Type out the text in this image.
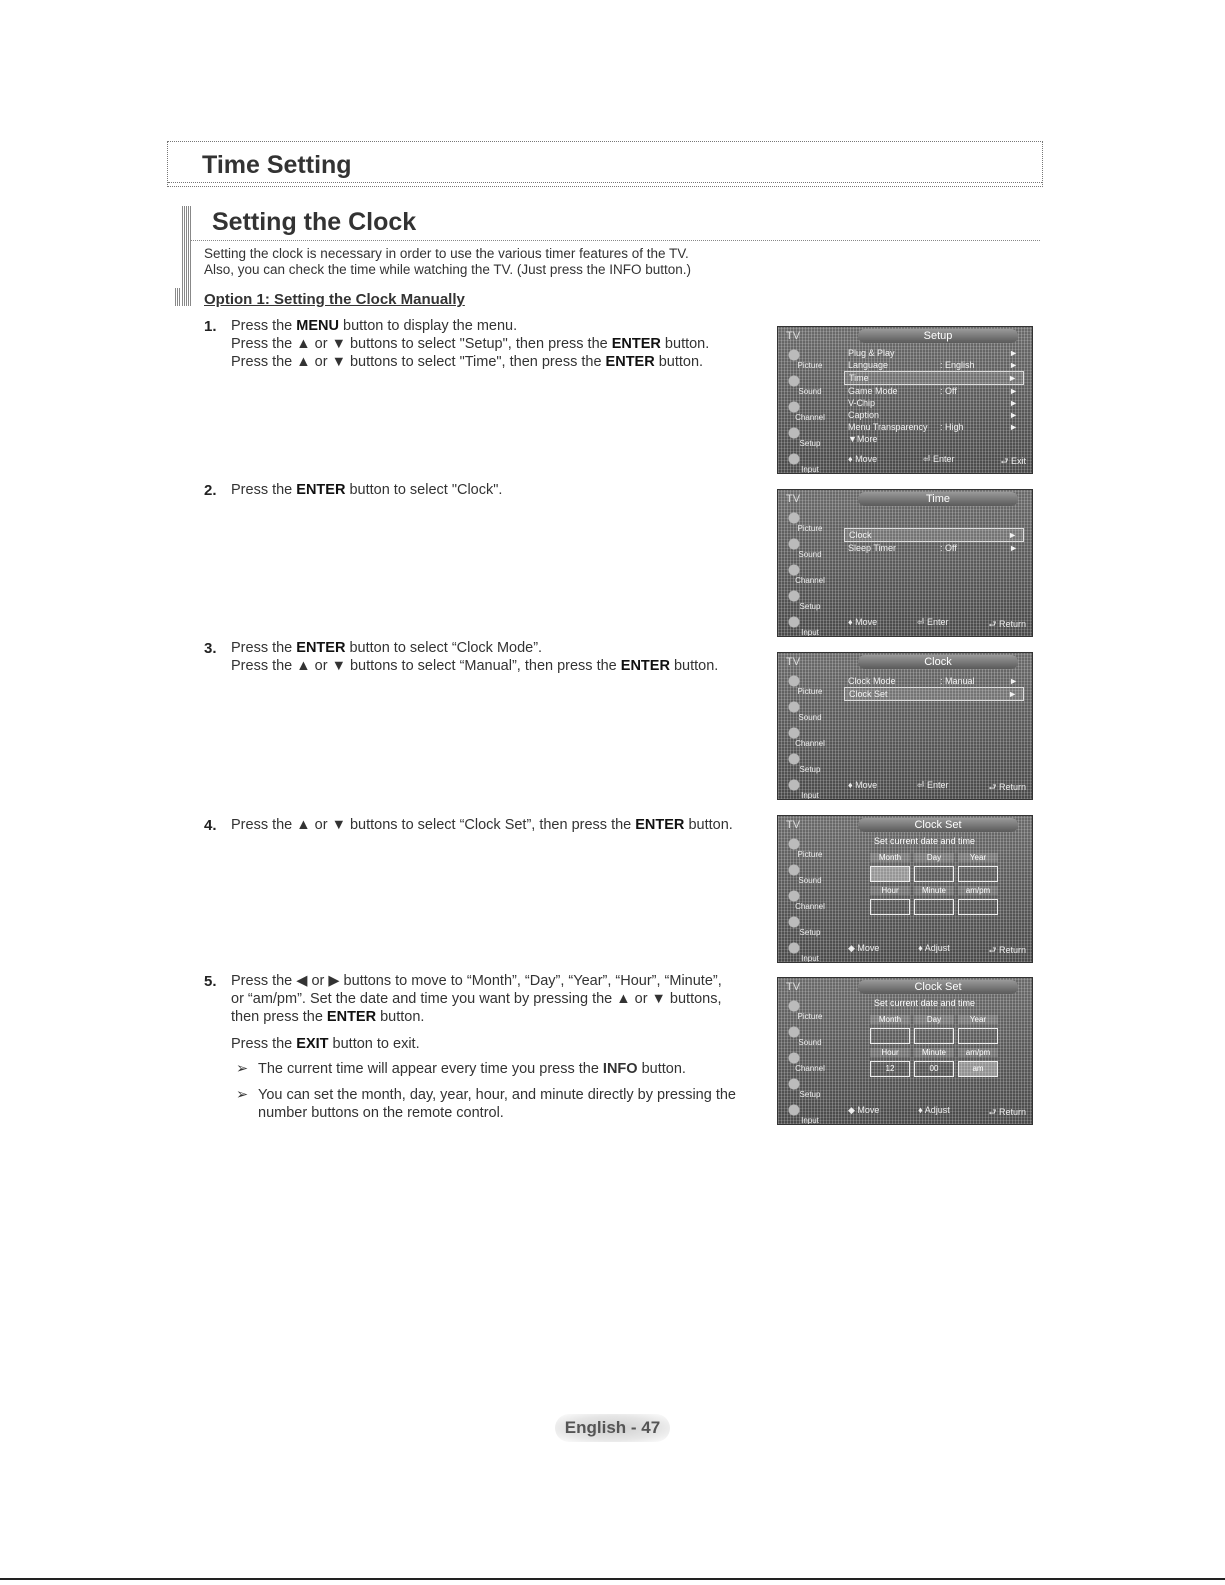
Time Setting
Setting the Clock
Setting the clock is necessary in order to use the various timer features of the TV.
Also, you can check the time while watching the TV. (Just press the INFO button.)
Option 1: Setting the Clock Manually
1. Press the MENU button to display the menu.
Press the ▲ or ▼ buttons to select "Setup", then press the ENTER button.
Press the ▲ or ▼ buttons to select "Time", then press the ENTER button.
2. Press the ENTER button to select "Clock".
3. Press the ENTER button to select “Clock Mode”.
Press the ▲ or ▼ buttons to select “Manual”, then press the ENTER button.
4. Press the ▲ or ▼ buttons to select “Clock Set”, then press the ENTER button.
5. Press the ◀ or ▶ buttons to move to “Month”, “Day”, “Year”, “Hour”, “Minute”,
or “am/pm”. Set the date and time you want by pressing the ▲ or ▼ buttons,
then press the ENTER button.
Press the EXIT button to exit.
➢ The current time will appear every time you press the INFO button.
➢ You can set the month, day, year, hour, and minute directly by pressing the number buttons on the remote control.
TV	Setup
Picture
Sound
Channel
Setup
Input
Plug & Play	►
Language	: English	►
Time	►
Game Mode	: Off	►
V-Chip	►
Caption	►
Menu Transparency : High	►
▼More
♦ Move	⏎ Enter	⮐ Exit
TV	Time
Picture
Sound
Channel
Setup
Input
Clock	►
Sleep Timer	: Off	►
♦ Move	⏎ Enter	⮐ Return
TV	Clock
Picture
Sound
Channel
Setup
Input
Clock Mode	: Manual	►
Clock Set	►
♦ Move	⏎ Enter	⮐ Return
TV	Clock Set
Picture
Sound
Channel
Setup
Input
Set current date and time
Month	Day	Year
Hour	Minute	am/pm
◆ Move	♦ Adjust	⮐ Return
TV	Clock Set
Picture
Sound
Channel
Setup
Input
Set current date and time
Month	Day	Year
Hour	Minute	am/pm
12	00	am
◆ Move	♦ Adjust	⮐ Return
English - 47
